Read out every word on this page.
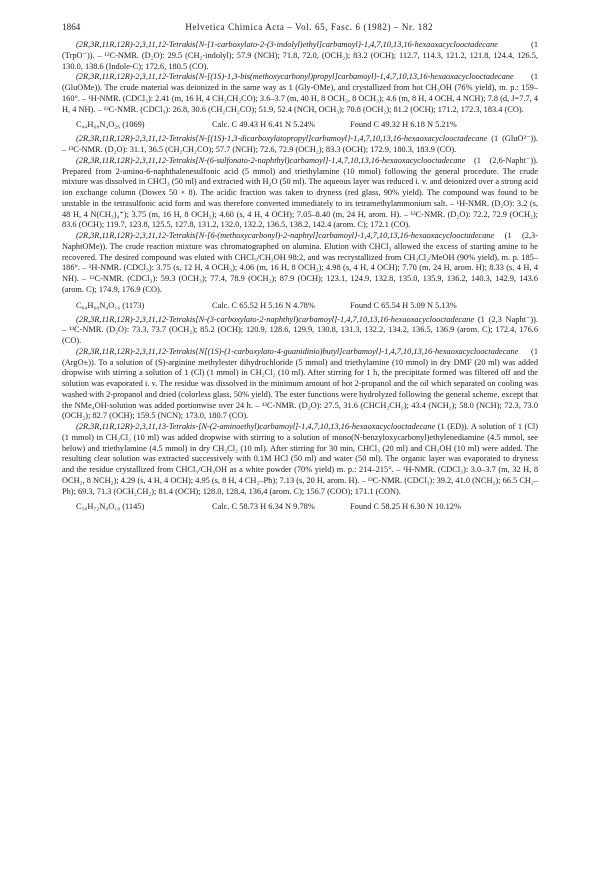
1864	Helvetica Chimica Acta – Vol. 65, Fasc. 6 (1982) – Nr. 182

(2R,3R,11R,12R)-2,3,11,12-Tetrakis{N-[1-carboxylato-2-(3-indolyl)ethyl]carbamoyl}-1,4,7,10,13,16-hexaoxacyclooctadecane (1 (TrpO⁻)). – ¹³C-NMR. (D₂O): 29.5 (CH₂-indolyl); 57.9 (NCH); 71.8, 72.0, (OCH₂); 83.2 (OCH); 112.7, 114.3, 121.2, 121.8, 124.4, 126.5, 130.0, 138.6 (Indole-C); 172.6, 180.5 (CO).

(2R,3R,11R,12R)-2,3,11,12-Tetrakis{N-[(1S)-1,3-bis(methoxycarbonyl)propyl]carbamoyl}-1,4,7,10,13,16-hexaoxacyclooctadecane (1 (GluOMe)). The crude material was deionized in the same way as 1 (Gly-OMe), and crystallized from hot CH₃OH (76% yield), m. p.: 159–160°. – ¹H-NMR. (CDCl₃): 2.41 (m, 16 H, 4 CH₂CH₂CO); 3.6–3.7 (m, 40 H, 8 OCH₂, 8 OCH₃); 4.6 (m, 8 H, 4 OCH, 4 NCH); 7.8 (d, J=7.7, 4 H, 4 NH). – ¹³C-NMR. (CDCl₃): 26.8, 30.6 (CH₂CH₂CO); 51.9, 52.4 (NCH, OCH₃); 70.8 (OCH₂); 81.2 (OCH); 171.2, 172.3, 183.4 (CO).

C₄₄H₆₈N₄O₂₆ (1069)	Calc. C 49.43 H 6.41 N 5.24%	Found C 49.32 H 6.18 N 5.21%

(2R,3R,11R,12R)-2,3,11,12-Tetrakis{N-[(1S)-1,3-dicarboxylatopropyl]carbamoyl}-1,4,7,10,13,16-hexaoxacyclooctadecane (1 (GluO²⁻)). – ¹³C-NMR. (D₂O): 31.1, 36.5 (CH₂CH₂CO); 57.7 (NCH); 72.6, 72.9 (OCH₂); 83.3 (OCH); 172.9, 180.3, 183.9 (CO).

(2R,3R,11R,12R)-2,3,11,12-Tetrakis[N-(6-sulfonato-2-naphthyl)carbamoyl]-1,4,7,10,13,16-hexaoxacyclooctadecane (1 (2,6-Napht⁻)). Prepared from 2-amino-6-naphthalenesulfonic acid (5 mmol) and triethylamine (10 mmol) following the general procedure. The crude mixture was dissolved in CHCl₃ (50 ml) and extracted with H₂O (50 ml). The aqueous layer was reduced i. v. and deionized over a strong acid ion exchange column (Dowex 50 × 8). The acidic fraction was taken to dryness (red glass, 90% yield). The compound was found to be unstable in the tetrasulfonic acid form and was therefore converted immediately to its tetramethylammonium salt. – ¹H-NMR. (D₂O): 3.2 (s, 48 H, 4 N(CH₃)₄⁺); 3.75 (m, 16 H, 8 OCH₂); 4.60 (s, 4 H, 4 OCH); 7.05–8.40 (m, 24 H, arom. H). – ¹³C-NMR. (D₂O): 72.2, 72.9 (OCH₂); 83.6 (OCH); 119.7, 123.8, 125.5, 127.8, 131.2, 132.0, 132.2, 136.5, 138.2, 142.4 (arom. C); 172.1 (CO).

(2R,3R,11R,12R)-2,3,11,12-Tetrakis{N-[6-(methoxycarbonyl)-2-naphtyl]carbamoyl}-1,4,7,10,13,16-hexaoxacyclooctadecane (1 (2,3-NaphtOMe)). The crude reaction mixture was chromatographed on alumina. Elution with CHCl₃ allowed the excess of starting amine to be recovered. The desired compound was eluted with CHCl₃/CH₃OH 98:2, and was recrystallized from CH₂Cl₂/MeOH (90% yield), m. p. 185–186°. – ¹H-NMR. (CDCl₃): 3.75 (s, 12 H, 4 OCH₃); 4.06 (m, 16 H, 8 OCH₂); 4.98 (s, 4 H, 4 OCH); 7.70 (m, 24 H, arom. H); 8.33 (s, 4 H, 4 NH). – ¹³C-NMR. (CDCl₃): 59.3 (OCH₃); 77.4, 78.9 (OCH₂); 87.9 (OCH); 123.1, 124.9, 132.8, 135.0, 135.9, 136.2, 140.3, 142.9, 143.6 (arom. C); 174.9, 176.9 (CO).

C₆₄H₆₀N₄O₁₆ (1173)	Calc. C 65.52 H 5.16 N 4.78%	Found C 65.54 H 5.09 N 5.13%

(2R,3R,11R,12R)-2,3,11,12-Tetrakis[N-(3-carboxylato-2-naphthyl)carbamoyl]-1,4,7,10,13,16-hexaoxacyclooctadecane (1 (2,3 Napht⁻)). – ¹³C-NMR. (D₂O): 73.3, 73.7 (OCH₂); 85.2 (OCH); 120.9, 128.6, 129.9, 130.8, 131.3, 132.2, 134.2, 136.5, 136.9 (arom. C); 172.4, 176.6 (CO).

(2R,3R,11R,12R)-2,3,11,12-Tetrakis{N[(1S)-(1-carboxylato-4-guanidinio)butyl]carbamoyl}-1,4,7,10,13,16-hexaoxacyclooctadecane (1 (ArgO±)). To a solution of (S)-arginine methylester dihydrochloride (5 mmol) and triethylamine (10 mmol) in dry DMF (20 ml) was added dropwise with stirring a solution of 1 (Cl) (1 mmol) in CH₂Cl₂ (10 ml). After stirring for 1 h, the precipitate formed was filtered off and the solution was evaporated i. v. The residue was dissolved in the minimum amount of hot 2-propanol and the oil which separated on cooling was washed with 2-propanol and dried (colorless glass, 50% yield). The ester functions were hydrolyzed following the general scheme, except that the NMe₄OH-solution was added portionwise over 24 h. – ¹³C-NMR. (D₂O): 27.5, 31.6 (CHCH₂CH₂); 43.4 (NCH₂); 58.0 (NCH); 72.3, 73.0 (OCH₂); 82.7 (OCH); 159.5 (NCN); 173.0, 180.7 (CO).

(2R,3R,11R,12R)-2,3,11,13-Tetrakis-[N-(2-aminoethyl)carbamoyl]-1,4,7,10,13,16-hexaoxacyclooctadecane (1 (ED)). A solution of 1 (Cl) (1 mmol) in CH₂Cl₂ (10 ml) was added dropwise with stirring to a solution of mono(N-benzyloxycarbonyl)ethylenediamine (4.5 mmol, see below) and triethylamine (4.5 mmol) in dry CH₂Cl₂ (10 ml). After stirring for 30 min, CHCl₃ (20 ml) and CH₃OH (10 ml) were added. The resulting clear solution was extracted successively with 0.1M HCl (50 ml) and water (50 ml). The organic layer was evaporated to dryness and the residue crystallized from CHCl₃/CH₃OH as a white powder (70% yield) m. p.: 214–215°. – ¹H-NMR. (CDCl₃): 3.0–3.7 (m, 32 H, 8 OCH₂, 8 NCH₂); 4.29 (s, 4 H, 4 OCH); 4.95 (s, 8 H, 4 CH₂–Ph); 7.13 (s, 20 H, arom. H). – ¹³C-NMR. (CDCl₃): 39.2, 41.0 (NCH₂); 66.5 CH₂–Ph); 69.3, 71.3 (OCH₂CH₂); 81.4 (OCH); 128.0, 128.4, 136,4 (arom. C); 156.7 (COO); 171.1 (CON).

C₅₆H₇₂N₈O₁₈ (1145)	Calc. C 58.73 H 6.34 N 9.78%	Found C 58.25 H 6.30 N 10.12%
